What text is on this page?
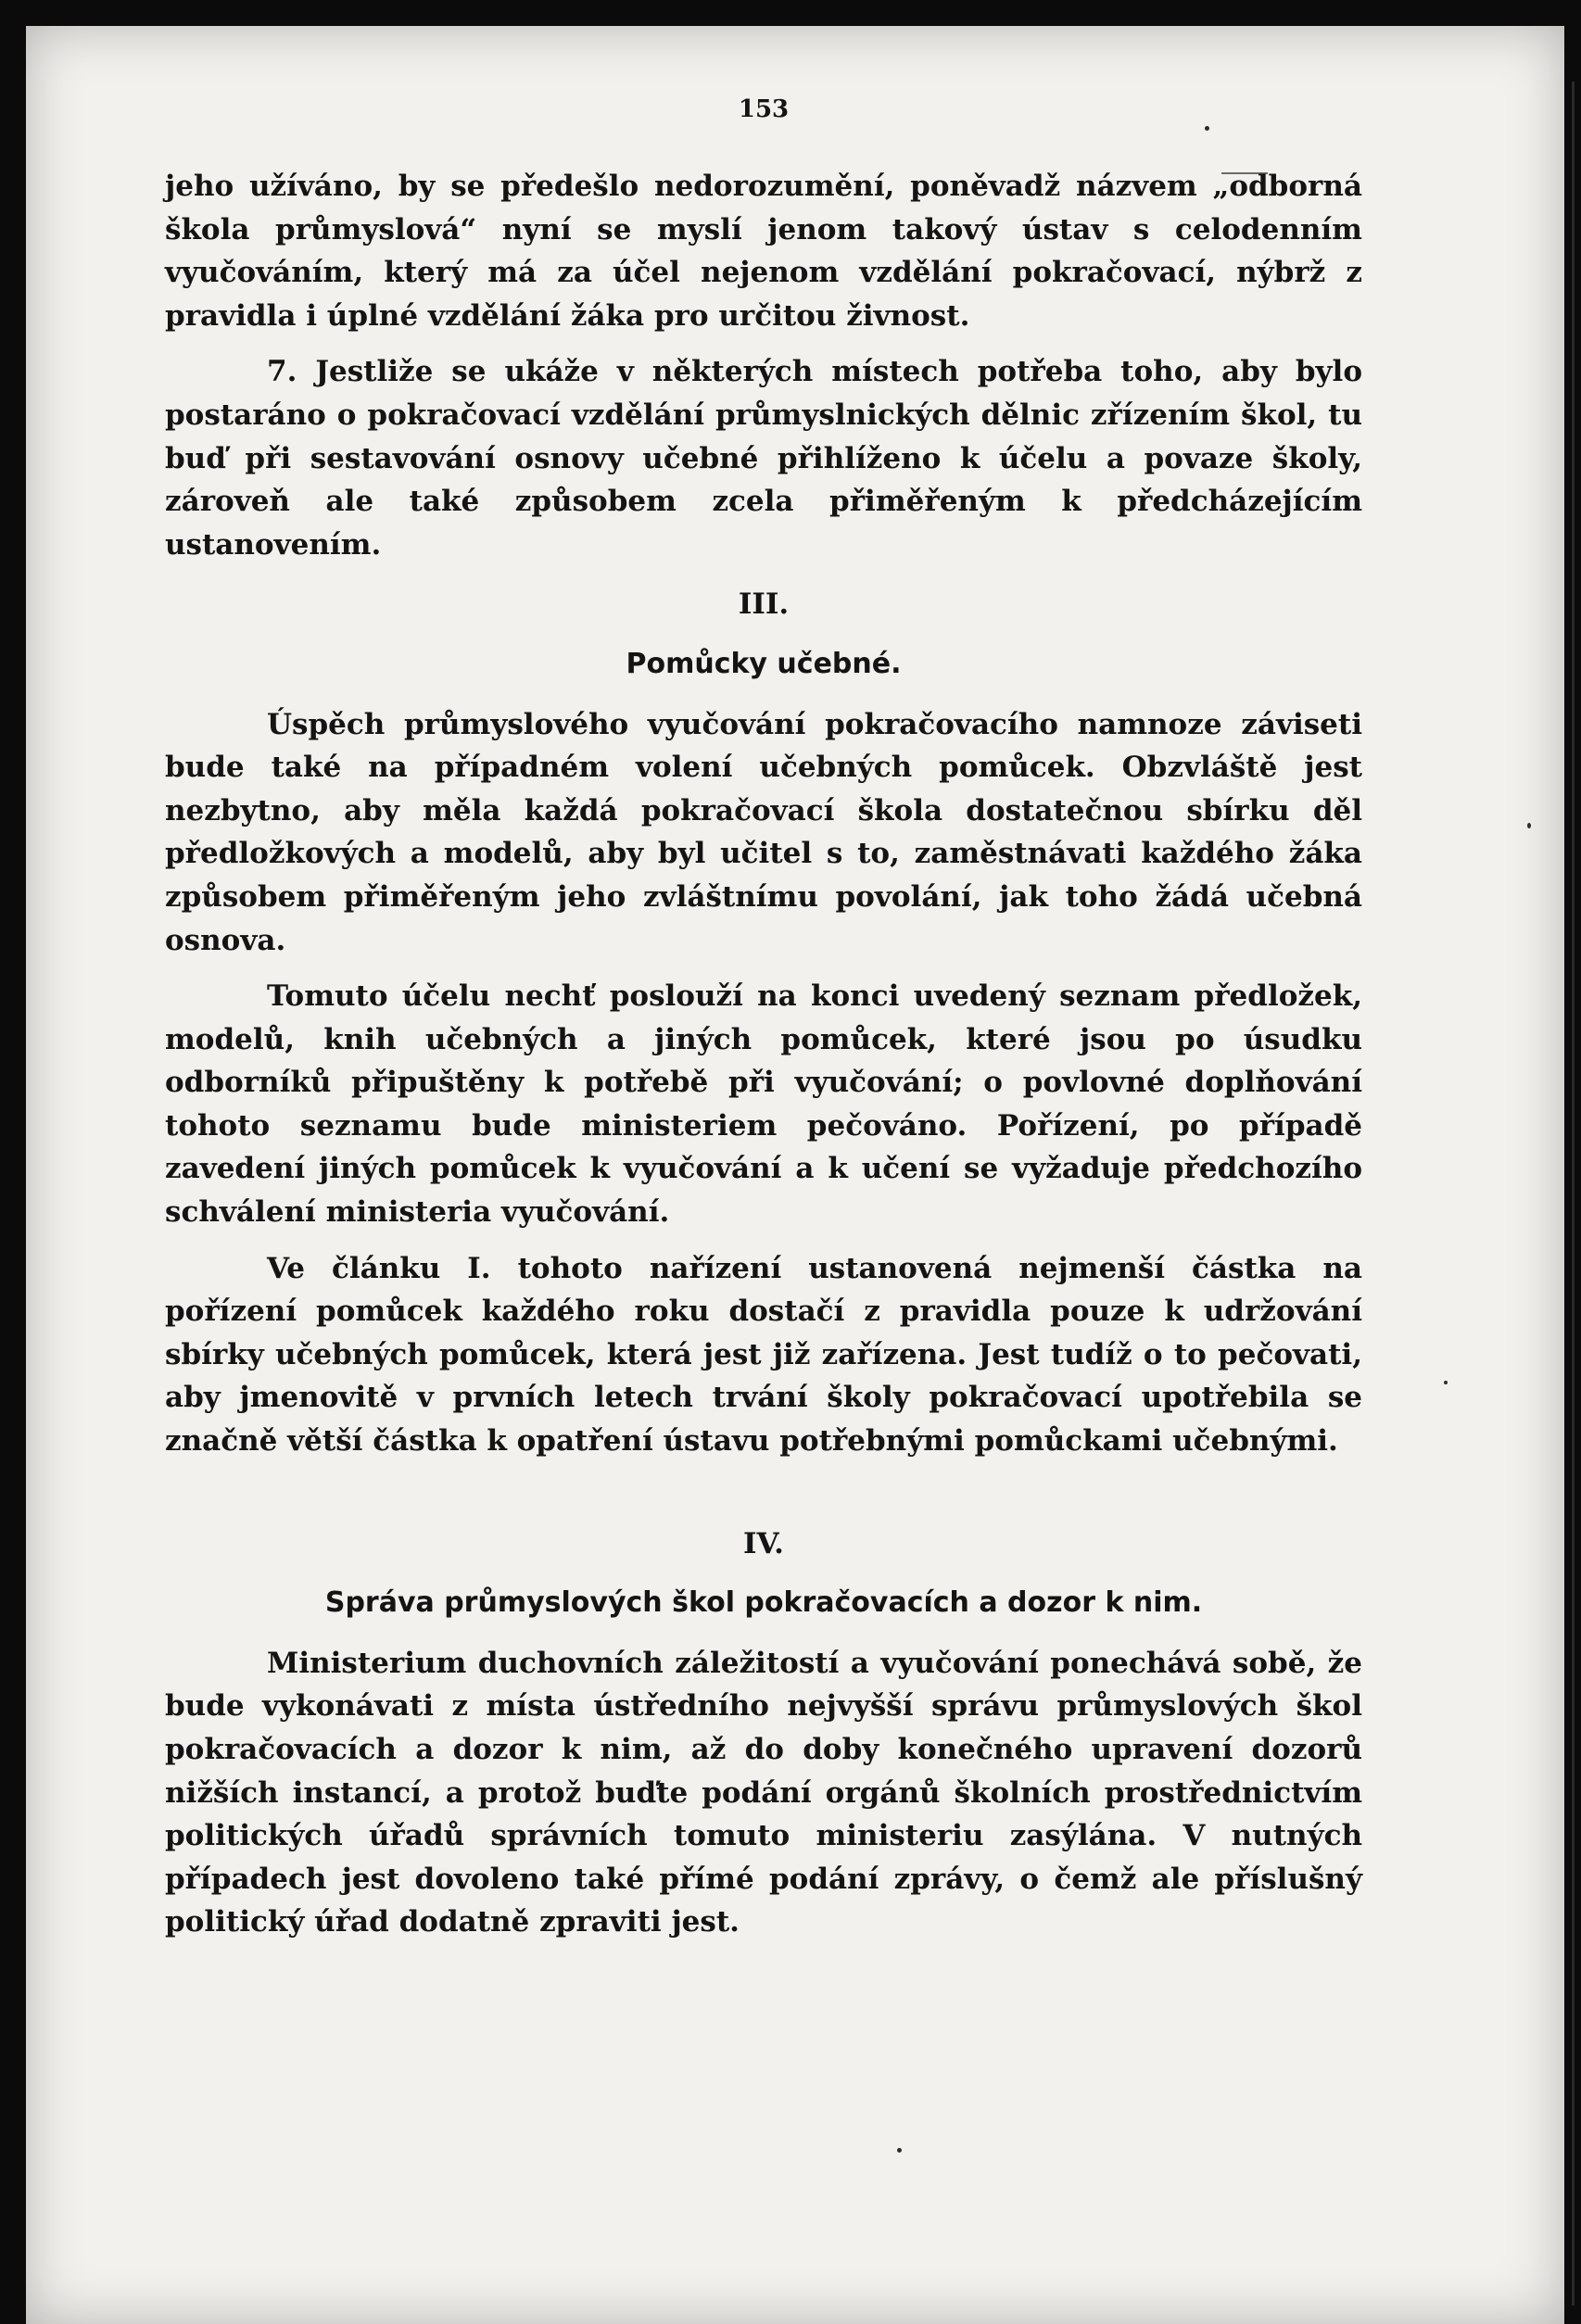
153

jeho užíváno, by se předešlo nedorozumění, poněvadž názvem „odborná škola průmyslová“ nyní se myslí jenom takový ústav s celodenním vyučováním, který má za účel nejenom vzdělání pokračovací, nýbrž z pravidla i úplné vzdělání žáka pro určitou živnost.

7. Jestliže se ukáže v některých místech potřeba toho, aby bylo postaráno o pokračovací vzdělání průmyslnických dělnic zřízením škol, tu buď při sestavování osnovy učebné přihlíženo k účelu a povaze školy, zároveň ale také způsobem zcela přiměřeným k předcházejícím ustanovením.

III.
Pomůcky učebné.

Úspěch průmyslového vyučování pokračovacího namnoze záviseti bude také na případném volení učebných pomůcek. Obzvláště jest nezbytno, aby měla každá pokračovací škola dostatečnou sbírku děl předložkových a modelů, aby byl učitel s to, zaměstnávati každého žáka způsobem přiměřeným jeho zvláštnímu povolání, jak toho žádá učebná osnova.

Tomuto účelu nechť poslouží na konci uvedený seznam předložek, modelů, knih učebných a jiných pomůcek, které jsou po úsudku odborníků připuštěny k potřebě při vyučování; o povlovné doplňování tohoto seznamu bude ministeriem pečováno. Pořízení, po případě zavedení jiných pomůcek k vyučování a k učení se vyžaduje předchozího schválení ministeria vyučování.

Ve článku I. tohoto nařízení ustanovená nejmenší částka na pořízení pomůcek každého roku dostačí z pravidla pouze k udržování sbírky učebných pomůcek, která jest již zařízena. Jest tudíž o to pečovati, aby jmenovitě v prvních letech trvání školy pokračovací upotřebila se značně větší částka k opatření ústavu potřebnými pomůckami učebnými.

IV.
Správa průmyslových škol pokračovacích a dozor k nim.

Ministerium duchovních záležitostí a vyučování ponechává sobě, že bude vykonávati z místa ústředního nejvyšší správu průmyslových škol pokračovacích a dozor k nim, až do doby konečného upravení dozorů nižších instancí, a protož buďte podání orgánů školních prostřednictvím politických úřadů správních tomuto ministeriu zasýlána. V nutných případech jest dovoleno také přímé podání zprávy, o čemž ale příslušný politický úřad dodatně zpraviti jest.
